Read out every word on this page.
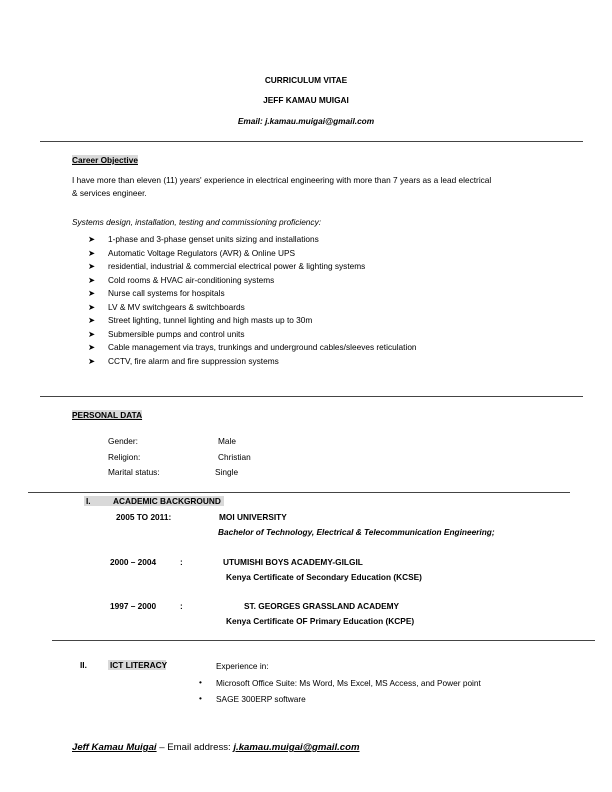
CURRICULUM VITAE
JEFF KAMAU MUIGAI
Email: j.kamau.muigai@gmail.com
Career Objective
I have more than eleven (11) years' experience in electrical engineering with more than 7 years as a lead electrical
& services engineer.
Systems design, installation, testing and commissioning proficiency:
➤ 1-phase and 3-phase genset units sizing and installations
➤ Automatic Voltage Regulators (AVR) & Online UPS
➤ residential, industrial & commercial electrical power & lighting systems
➤ Cold rooms & HVAC air-conditioning systems
➤ Nurse call systems for hospitals
➤ LV & MV switchgears & switchboards
➤ Street lighting, tunnel lighting and high masts up to 30m
➤ Submersible pumps and control units
➤ Cable management via trays, trunkings and underground cables/sleeves reticulation
➤ CCTV, fire alarm and fire suppression systems
PERSONAL DATA
Gender:	Male
Religion:	Christian
Marital status:	Single
I.	ACADEMIC BACKGROUND
2005 TO 2011:	MOI UNIVERSITY
Bachelor of Technology, Electrical & Telecommunication Engineering;
2000 – 2004	:	UTUMISHI BOYS ACADEMY-GILGIL
Kenya Certificate of Secondary Education (KCSE)
1997 – 2000	:	ST. GEORGES GRASSLAND ACADEMY
Kenya Certificate OF Primary Education (KCPE)
II.	ICT LITERACY	Experience in:
• Microsoft Office Suite: Ms Word, Ms Excel, MS Access, and Power point
• SAGE 300ERP software
Jeff Kamau Muigai – Email address: j.kamau.muigai@gmail.com
